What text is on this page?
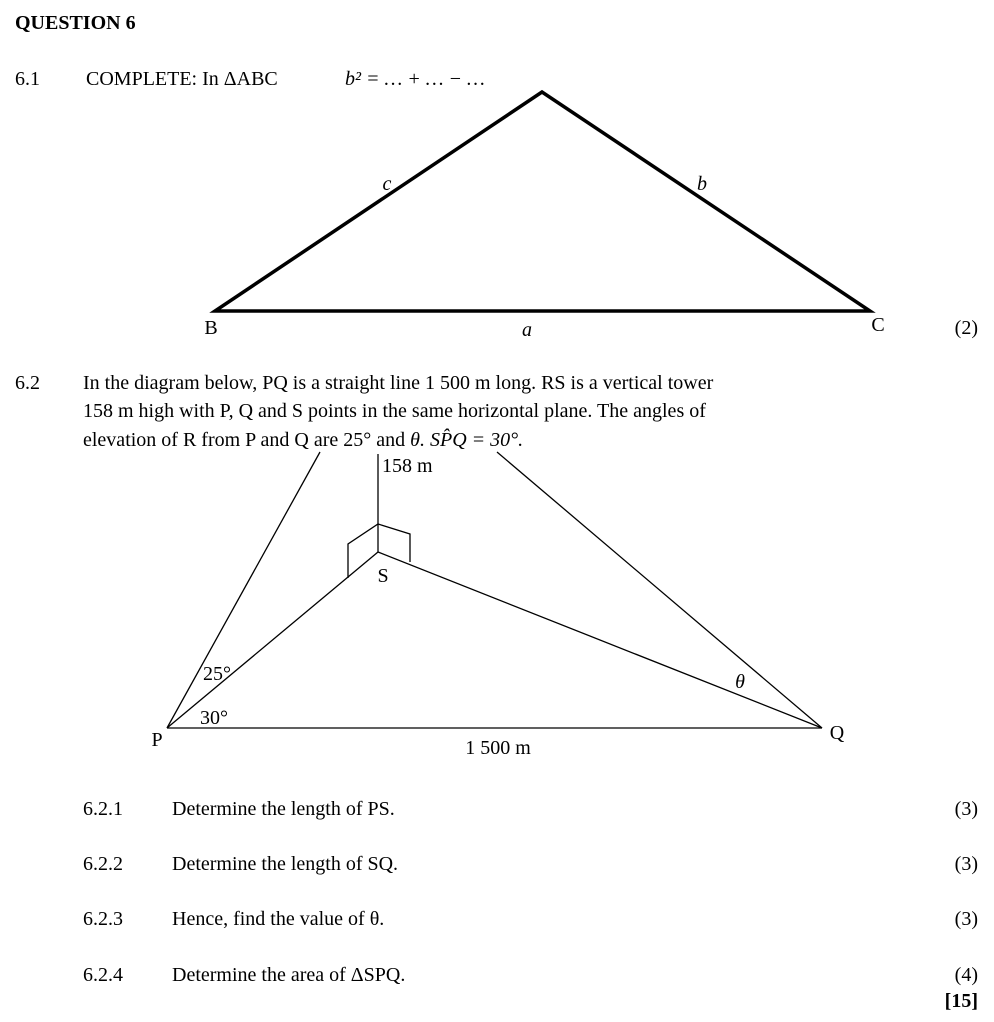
QUESTION 6
6.1 COMPLETE: In ΔABC	b² = … + … − …
(2)
B	C
a
b
c
158 m
S
P	Q
25°
30°
θ
1 500 m
6.2 In the diagram below, PQ is a straight line 1 500 m long. RS is a vertical tower
158 m high with P, Q and S points in the same horizontal plane. The angles of
elevation of R from P and Q are 25° and θ. SP̂Q = 30°.
6.2.1 Determine the length of PS.	(3)
6.2.2 Determine the length of SQ.	(3)
6.2.3 Hence, find the value of θ.	(3)
6.2.4 Determine the area of ΔSPQ.	(4)
[15]
